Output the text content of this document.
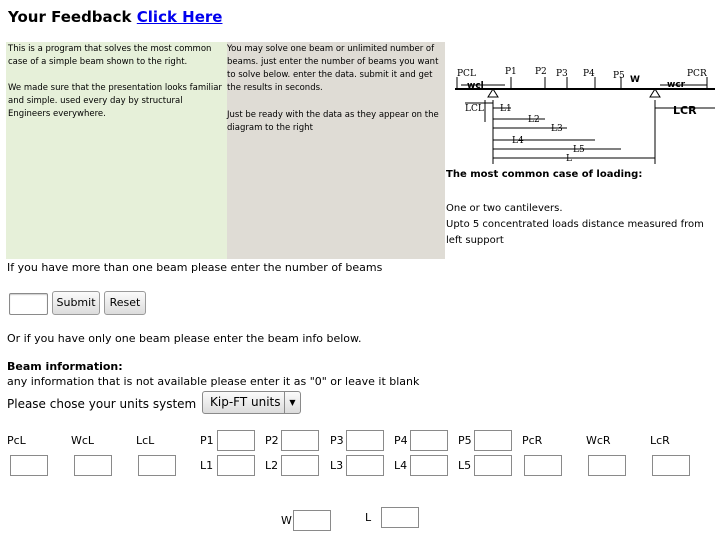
Your Feedback Click Here

This is a program that solves the most common case of a simple beam shown to the right.

We made sure that the presentation looks familiar and simple. used every day by structural Engineers everywhere.

You may solve one beam or unlimited number of beams. just enter the number of beams you want to solve below. enter the data. submit it and get the results in seconds.

Just be ready with the data as they appear on the diagram to the right

PCL	P1 P2 P3 P4 P5 W
PCR
wcl	wcr
LCL L1
L2
L3
L4
L5
L
LCR
The most common case of loading:
One or two cantilevers.
Upto 5 concentrated loads distance measured from left support
If you have more than one beam please enter the number of beams
Submit	Reset
Or if you have only one beam please enter the beam info below.
Beam information:
any information that is not available please enter it as "0" or leave it blank
Please chose your units system Kip-FT units	▼
PcL	WcL	LcL	P1	P2	P3	P4	P5	PcR	WcR	LcR
L1	L2	L3	L4	L5
W	L
